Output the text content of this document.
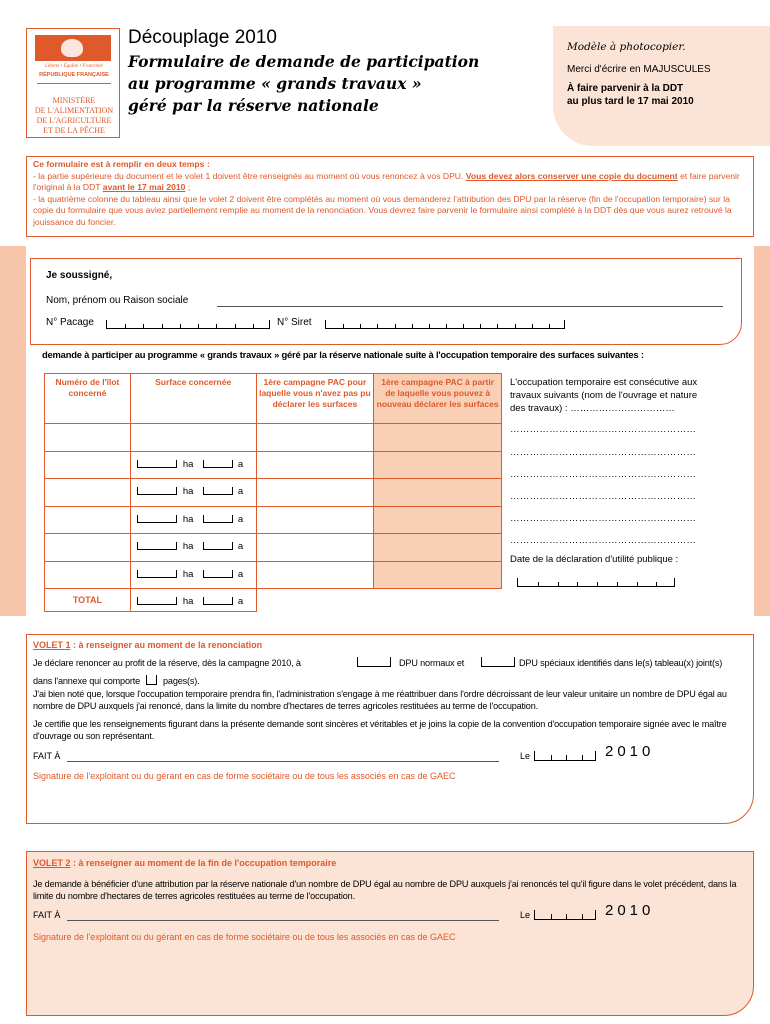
Liberté • Égalité • Fraternité
RÉPUBLIQUE FRANÇAISE
MINISTÈRE
DE L'ALIMENTATION
DE L'AGRICULTURE
ET DE LA PÊCHE
Découplage 2010
Formulaire de demande de participation
au programme « grands travaux »
géré par la réserve nationale
Modèle à photocopier.
Merci d'écrire en MAJUSCULES
À faire parvenir à la DDT
au plus tard le 17 mai 2010
Ce formulaire est à remplir en deux temps :
- la partie supérieure du document et le volet 1 doivent être renseignés au moment où vous renoncez à vos DPU. Vous devez alors conserver une copie du document et faire parvenir l'original à la DDT avant le 17 mai 2010 ;
- la quatrième colonne du tableau ainsi que le volet 2 doivent être complétés au moment où vous demanderez l'attribution des DPU par la réserve (fin de l'occupation temporaire) sur la copie du formulaire que vous aviez partiellement remplie au moment de la renonciation. Vous devrez faire parvenir le formulaire ainsi complété à la DDT dès que vous aurez retrouvé la jouissance du foncier.
Je soussigné,
Nom, prénom ou Raison sociale
N° Pacage	N° Siret
demande à participer au programme « grands travaux » géré par la réserve nationale suite à l'occupation temporaire des surfaces suivantes :
Numéro de l'îlot concerné	Surface concernée	1ère campagne PAC pour laquelle vous n'avez pas pu déclarer les surfaces	1ère campagne PAC à partir de laquelle vous pouvez à nouveau déclarer les surfaces

	ha a		

	ha a		

	ha a		

	ha a		

	ha a		

TOTAL	ha a		

L'occupation temporaire est consécutive aux travaux suivants (nom de l'ouvrage et nature des travaux) : ……………………………
…………………………………………………
…………………………………………………
…………………………………………………
…………………………………………………
…………………………………………………
…………………………………………………
Date de la déclaration d'utilité publique :
VOLET 1 : à renseigner au moment de la renonciation
Je déclare renoncer au profit de la réserve, dès la campagne 2010, à	DPU normaux et	DPU spéciaux identifiés dans le(s) tableau(x) joint(s)
dans l'annexe qui comporte	pages(s).
J'ai bien noté que, lorsque l'occupation temporaire prendra fin, l'administration s'engage à me réattribuer dans l'ordre décroissant de leur valeur unitaire un nombre de DPU égal au nombre de DPU auxquels j'ai renoncé, dans la limite du nombre d'hectares de terres agricoles restituées au terme de l'occupation.
Je certifie que les renseignements figurant dans la présente demande sont sincères et véritables et je joins la copie de la convention d'occupation temporaire signée avec le maître d'ouvrage ou son représentant.
FAIT À	Le	2010
Signature de l'exploitant ou du gérant en cas de forme sociétaire ou de tous les associés en cas de GAEC
VOLET 2 : à renseigner au moment de la fin de l'occupation temporaire
Je demande à bénéficier d'une attribution par la réserve nationale d'un nombre de DPU égal au nombre de DPU auxquels j'ai renoncés tel qu'il figure dans le volet précédent, dans la limite du nombre d'hectares de terres agricoles restituées au terme de l'occupation.
FAIT À	Le	2010
Signature de l'exploitant ou du gérant en cas de forme sociétaire ou de tous les associés en cas de GAEC
